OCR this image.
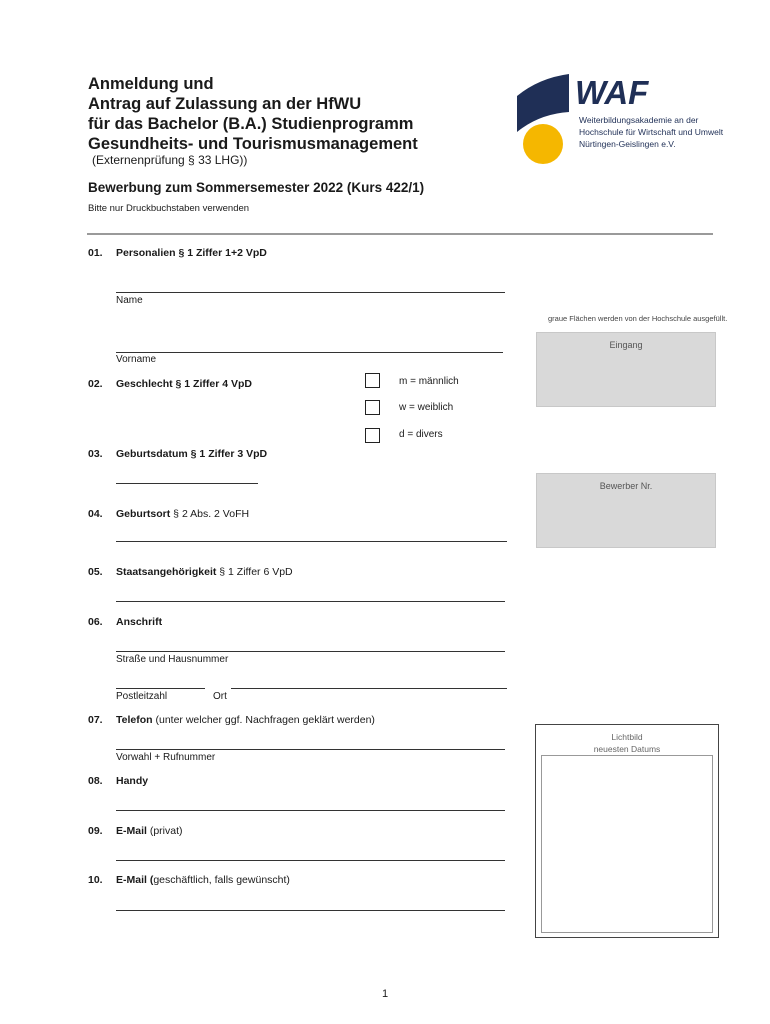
Anmeldung und
Antrag auf Zulassung an der HfWU
für das Bachelor (B.A.) Studienprogramm
Gesundheits- und Tourismusmanagement
(Externenprüfung § 33 LHG))
Bewerbung zum Sommersemester 2022 (Kurs 422/1)
Bitte nur Druckbuchstaben verwenden
WAF
Weiterbildungsakademie an der
Hochschule für Wirtschaft und Umwelt
Nürtingen-Geislingen e.V.
01. Personalien § 1 Ziffer 1+2 VpD
Name
Vorname
graue Flächen werden von der Hochschule ausgefüllt.
Eingang
Bewerber Nr.
02. Geschlecht § 1 Ziffer 4 VpD	m = männlich
w = weiblich
d = divers
03. Geburtsdatum § 1 Ziffer 3 VpD
04. Geburtsort § 2 Abs. 2 VoFH
05. Staatsangehörigkeit § 1 Ziffer 6 VpD
06. Anschrift
Straße und Hausnummer
Postleitzahl	Ort
07. Telefon (unter welcher ggf. Nachfragen geklärt werden)
Vorwahl + Rufnummer
Lichtbild
neuesten Datums
08. Handy
09. E-Mail (privat)
10. E-Mail (geschäftlich, falls gewünscht)
1
